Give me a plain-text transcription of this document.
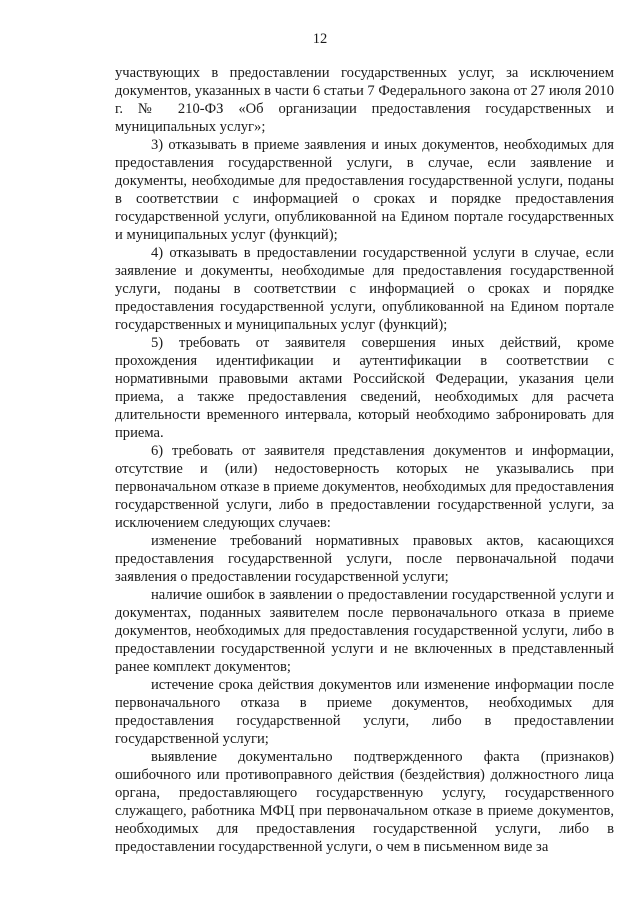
12

участвующих в предоставлении государственных услуг, за исключением документов, указанных в части 6 статьи 7 Федерального закона от 27 июля 2010 г. № 210-ФЗ «Об организации предоставления государственных и муниципальных услуг»;

3) отказывать в приеме заявления и иных документов, необходимых для предоставления государственной услуги, в случае, если заявление и документы, необходимые для предоставления государственной услуги, поданы в соответствии с информацией о сроках и порядке предоставления государственной услуги, опубликованной на Едином портале государственных и муниципальных услуг (функций);

4) отказывать в предоставлении государственной услуги в случае, если заявление и документы, необходимые для предоставления государственной услуги, поданы в соответствии с информацией о сроках и порядке предоставления государственной услуги, опубликованной на Едином портале государственных и муниципальных услуг (функций);

5) требовать от заявителя совершения иных действий, кроме прохождения идентификации и аутентификации в соответствии с нормативными правовыми актами Российской Федерации, указания цели приема, а также предоставления сведений, необходимых для расчета длительности временного интервала, который необходимо забронировать для приема.

6) требовать от заявителя представления документов и информации, отсутствие и (или) недостоверность которых не указывались при первоначальном отказе в приеме документов, необходимых для предоставления государственной услуги, либо в предоставлении государственной услуги, за исключением следующих случаев:

изменение требований нормативных правовых актов, касающихся предоставления государственной услуги, после первоначальной подачи заявления о предоставлении государственной услуги;

наличие ошибок в заявлении о предоставлении государственной услуги и документах, поданных заявителем после первоначального отказа в приеме документов, необходимых для предоставления государственной услуги, либо в предоставлении государственной услуги и не включенных в представленный ранее комплект документов;

истечение срока действия документов или изменение информации после первоначального отказа в приеме документов, необходимых для предоставления государственной услуги, либо в предоставлении государственной услуги;

выявление документально подтвержденного факта (признаков) ошибочного или противоправного действия (бездействия) должностного лица органа, предоставляющего государственную услугу, государственного служащего, работника МФЦ при первоначальном отказе в приеме документов, необходимых для предоставления государственной услуги, либо в предоставлении государственной услуги, о чем в письменном виде за
